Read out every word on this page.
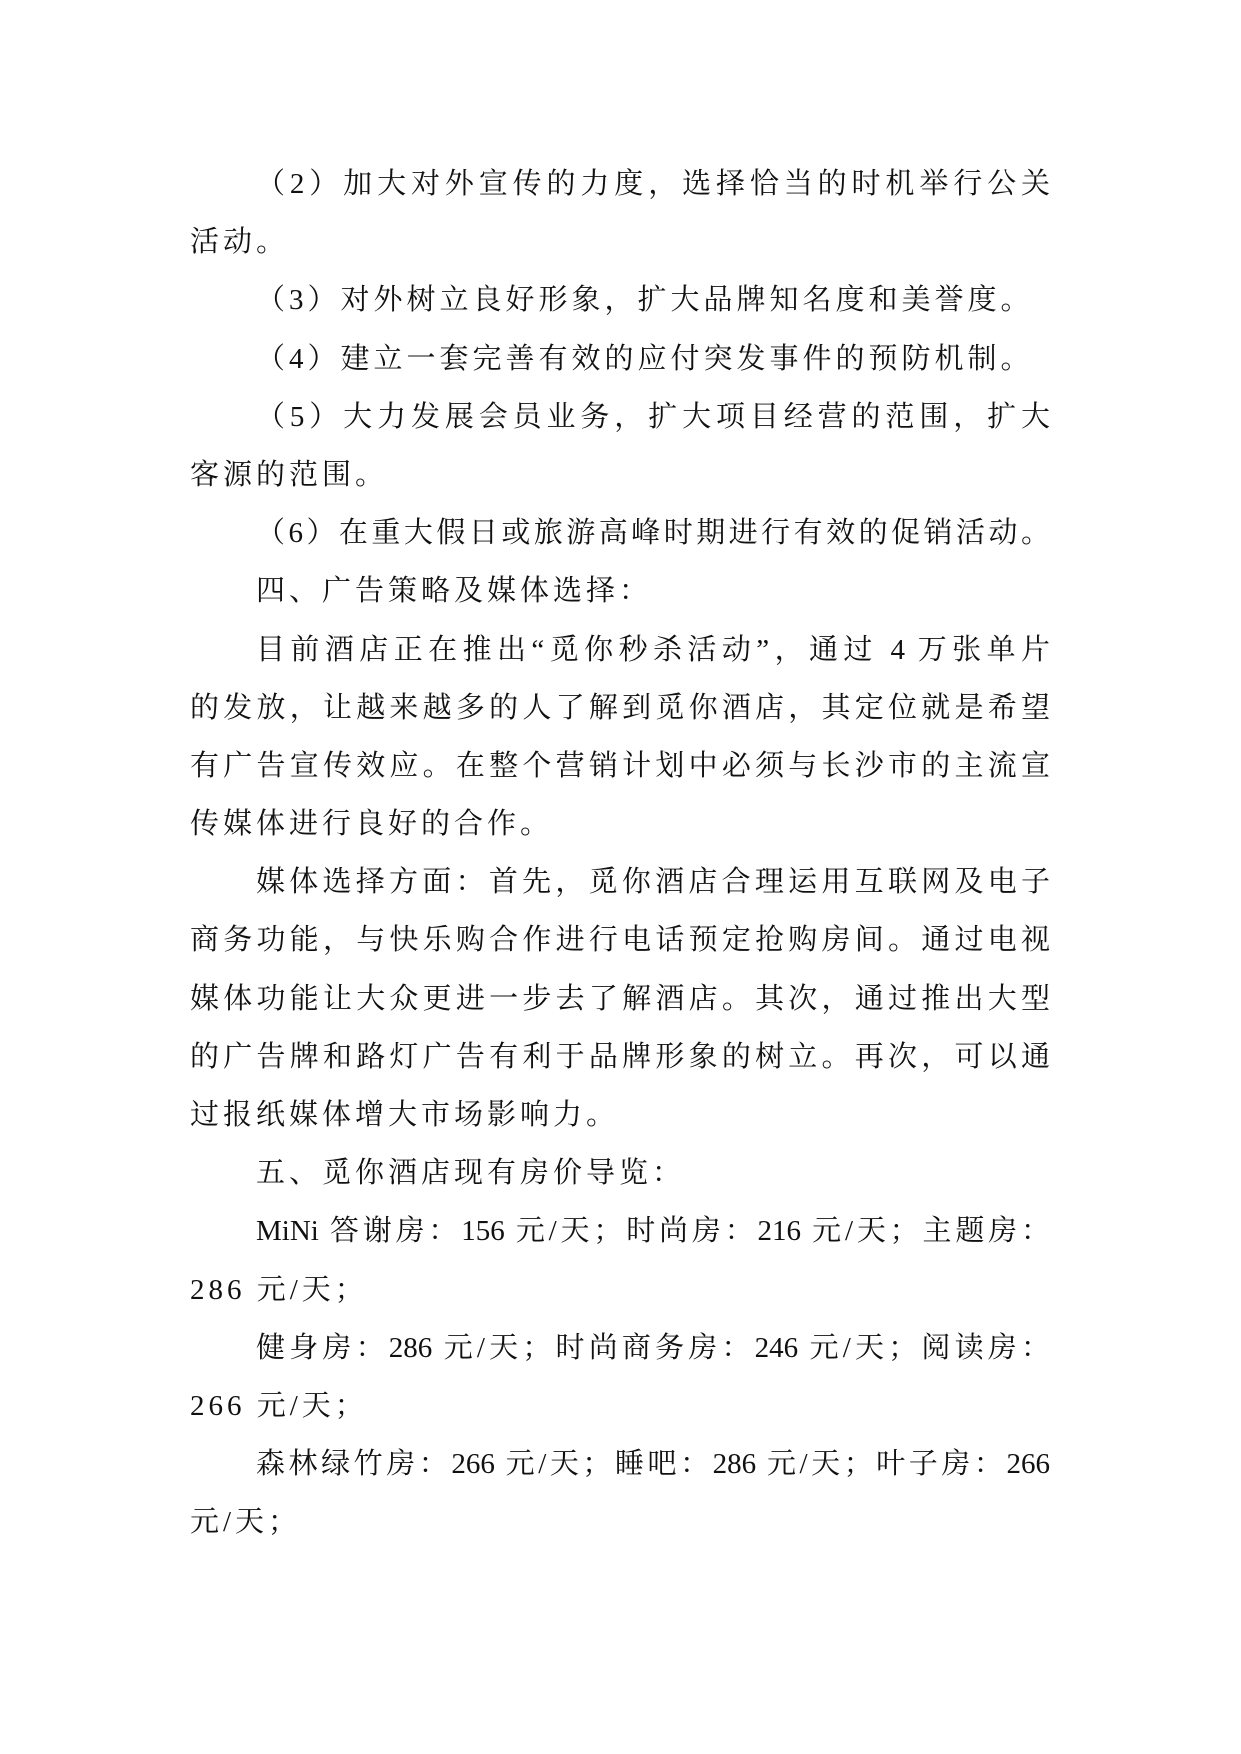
（2）加大对外宣传的力度，选择恰当的时机举行公关
活动。
（3）对外树立良好形象，扩大品牌知名度和美誉度。
（4）建立一套完善有效的应付突发事件的预防机制。
（5）大力发展会员业务，扩大项目经营的范围，扩大
客源的范围。
（6）在重大假日或旅游高峰时期进行有效的促销活动。
四、广告策略及媒体选择：
目前酒店正在推出“觅你秒杀活动”，通过 4 万张单片
的发放，让越来越多的人了解到觅你酒店，其定位就是希望
有广告宣传效应。在整个营销计划中必须与长沙市的主流宣
传媒体进行良好的合作。
媒体选择方面：首先，觅你酒店合理运用互联网及电子
商务功能，与快乐购合作进行电话预定抢购房间。通过电视
媒体功能让大众更进一步去了解酒店。其次，通过推出大型
的广告牌和路灯广告有利于品牌形象的树立。再次，可以通
过报纸媒体增大市场影响力。
五、觅你酒店现有房价导览：
MiNi 答谢房：156 元/天；时尚房：216 元/天；主题房：
286 元/天；
健身房：286 元/天；时尚商务房：246 元/天；阅读房：
266 元/天；
森林绿竹房：266 元/天；睡吧：286 元/天；叶子房：266
元/天；
